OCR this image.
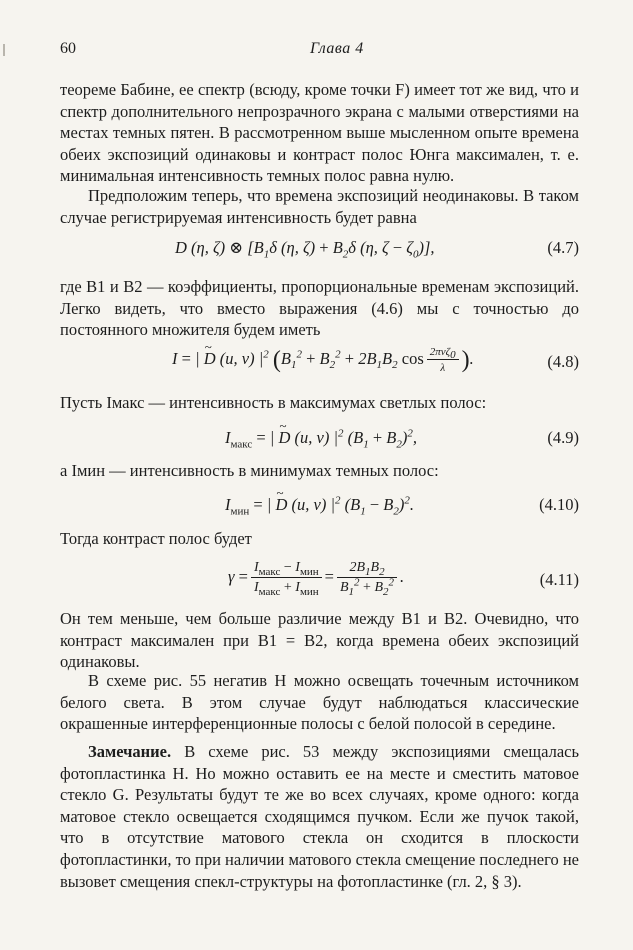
60	Глава 4
теореме Бабине, ее спектр (всюду, кроме точки F) имеет тот же вид, что и спектр дополнительного непрозрачного экрана с малыми отверстиями на местах темных пятен. В рассмотренном выше мысленном опыте времена обеих экспозиций одинаковы и контраст полос Юнга максимален, т. е. минимальная интенсивность темных полос равна нулю.
Предположим теперь, что времена экспозиций неодинаковы. В таком случае регистрируемая интенсивность будет равна
D (η, ζ) ⊗ [$B_1\delta$ (η, $\zeta) + B_2\delta$ (η, $\zeta - \zeta_0$)],	(4.7)
где B1 и B2 — коэффициенты, пропорциональные временам экспозиций. Легко видеть, что вместо выражения (4.6) мы с точностью до постоянного множителя будем иметь
I = | ~ D (u, ν) $|^2$ ($B_1^2 + B_2^2 + 2B_1B_2$ $\cos \frac{2\pi\nu\zeta_0}{\lambda}$ ).	(4.8)
Пусть Iмакс — интенсивность в максимумах светлых полос:
$I_{макс}$ = | ~ D (u, ν) $|^2$ $(B_1 + B_2)^2$,	(4.9)
а Iмин — интенсивность в минимумах темных полос:
$I_{мин}$ = | ~ D (u, ν) $|^2$ $(B_1 - B_2)^2$.	(4.10)
Тогда контраст полос будет
$\gamma = \frac{I_{макс} - I_{мин}}{I_{макс} + I_{мин}} = \frac{2B_1B_2}{B_1^2 + B_2^2}$ .	(4.11)
Он тем меньше, чем больше различие между B1 и B2. Очевидно, что контраст максимален при B1 = B2, когда времена обеих экспозиций одинаковы.
В схеме рис. 55 негатив H можно освещать точечным источником белого света. В этом случае будут наблюдаться классические окрашенные интерференционные полосы с белой полосой в середине.
Замечание. В схеме рис. 53 между экспозициями смещалась фотопластинка H. Но можно оставить ее на месте и сместить матовое стекло G. Результаты будут те же во всех случаях, кроме одного: когда матовое стекло освещается сходящимся пучком. Если же пучок такой, что в отсутствие матового стекла он сходится в плоскости фотопластинки, то при наличии матового стекла смещение последнего не вызовет смещения спекл-структуры на фотопластинке (гл. 2, § 3).
